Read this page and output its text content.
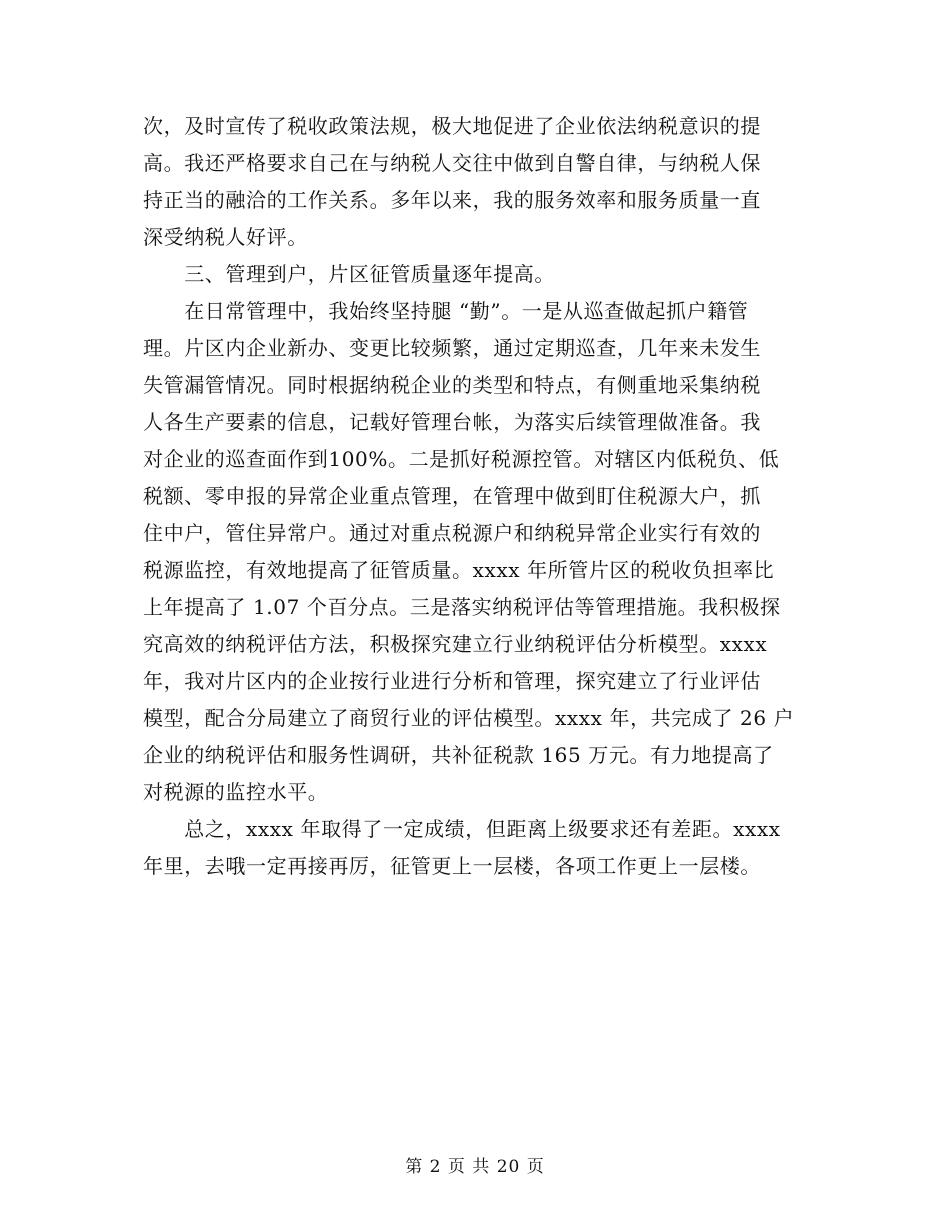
次，及时宣传了税收政策法规，极大地促进了企业依法纳税意识的提
高。我还严格要求自己在与纳税人交往中做到自警自律，与纳税人保
持正当的融洽的工作关系。多年以来，我的服务效率和服务质量一直
深受纳税人好评。
　　三、管理到户，片区征管质量逐年提高。
　　在日常管理中，我始终坚持腿 “勤”。一是从巡查做起抓户籍管
理。片区内企业新办、变更比较频繁，通过定期巡查，几年来未发生
失管漏管情况。同时根据纳税企业的类型和特点，有侧重地采集纳税
人各生产要素的信息，记载好管理台帐，为落实后续管理做准备。我
对企业的巡查面作到100%。二是抓好税源控管。对辖区内低税负、低
税额、零申报的异常企业重点管理，在管理中做到盯住税源大户，抓
住中户，管住异常户。通过对重点税源户和纳税异常企业实行有效的
税源监控，有效地提高了征管质量。xxxx 年所管片区的税收负担率比
上年提高了 1.07 个百分点。三是落实纳税评估等管理措施。我积极探
究高效的纳税评估方法，积极探究建立行业纳税评估分析模型。xxxx
年，我对片区内的企业按行业进行分析和管理，探究建立了行业评估
模型，配合分局建立了商贸行业的评估模型。xxxx 年，共完成了 26 户
企业的纳税评估和服务性调研，共补征税款 165 万元。有力地提高了
对税源的监控水平。
　　总之，xxxx 年取得了一定成绩，但距离上级要求还有差距。xxxx
年里，去哦一定再接再厉，征管更上一层楼，各项工作更上一层楼。
第 2 页 共 20 页
